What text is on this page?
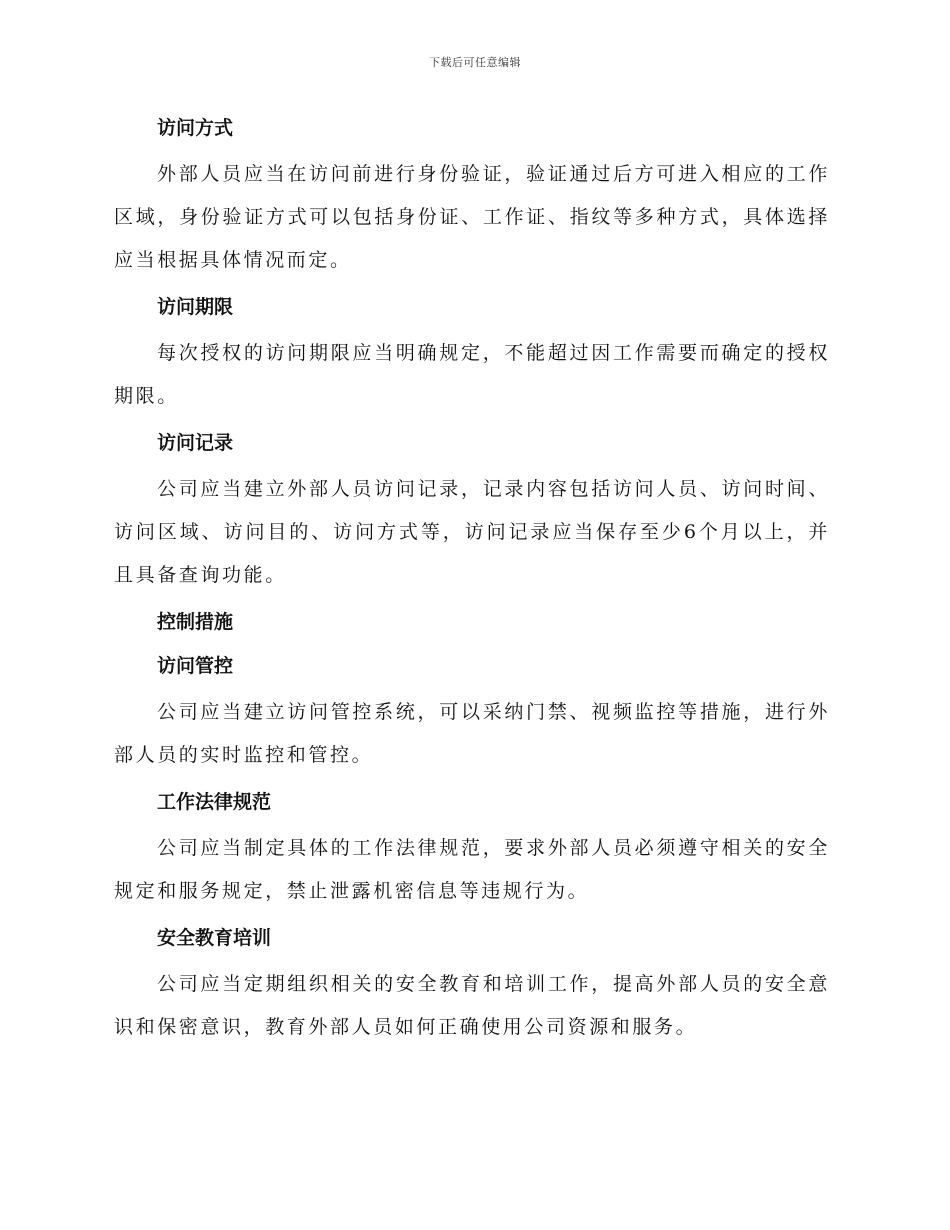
下载后可任意编辑
访问方式

外部人员应当在访问前进行身份验证，验证通过后方可进入相应的工作区域，身份验证方式可以包括身份证、工作证、指纹等多种方式，具体选择应当根据具体情况而定。

访问期限

每次授权的访问期限应当明确规定，不能超过因工作需要而确定的授权期限。

访问记录

公司应当建立外部人员访问记录，记录内容包括访问人员、访问时间、访问区域、访问目的、访问方式等，访问记录应当保存至少6个月以上，并且具备查询功能。

控制措施
访问管控

公司应当建立访问管控系统，可以采纳门禁、视频监控等措施，进行外部人员的实时监控和管控。

工作法律规范

公司应当制定具体的工作法律规范，要求外部人员必须遵守相关的安全规定和服务规定，禁止泄露机密信息等违规行为。

安全教育培训

公司应当定期组织相关的安全教育和培训工作，提高外部人员的安全意识和保密意识，教育外部人员如何正确使用公司资源和服务。
